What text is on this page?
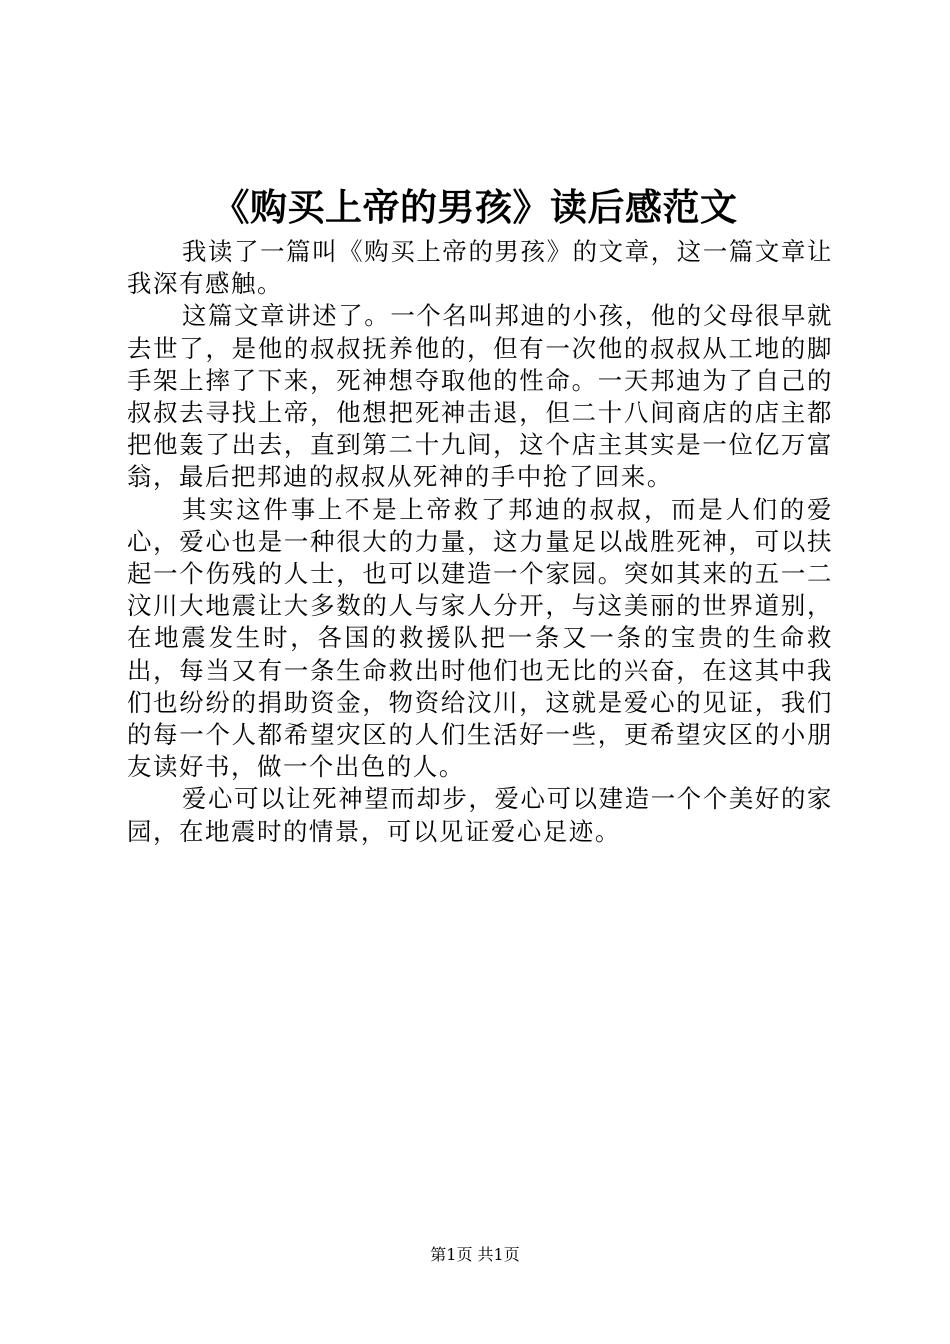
《购买上帝的男孩》读后感范文

我读了一篇叫《购买上帝的男孩》的文章，这一篇文章让我深有感触。

这篇文章讲述了。一个名叫邦迪的小孩，他的父母很早就去世了，是他的叔叔抚养他的，但有一次他的叔叔从工地的脚手架上摔了下来，死神想夺取他的性命。一天邦迪为了自己的叔叔去寻找上帝，他想把死神击退，但二十八间商店的店主都把他轰了出去，直到第二十九间，这个店主其实是一位亿万富翁，最后把邦迪的叔叔从死神的手中抢了回来。

其实这件事上不是上帝救了邦迪的叔叔，而是人们的爱心，爱心也是一种很大的力量，这力量足以战胜死神，可以扶起一个伤残的人士，也可以建造一个家园。突如其来的五一二汶川大地震让大多数的人与家人分开，与这美丽的世界道别，在地震发生时，各国的救援队把一条又一条的宝贵的生命救出，每当又有一条生命救出时他们也无比的兴奋，在这其中我们也纷纷的捐助资金，物资给汶川，这就是爱心的见证，我们的每一个人都希望灾区的人们生活好一些，更希望灾区的小朋友读好书，做一个出色的人。

爱心可以让死神望而却步，爱心可以建造一个个美好的家园，在地震时的情景，可以见证爱心足迹。

第1页 共1页
